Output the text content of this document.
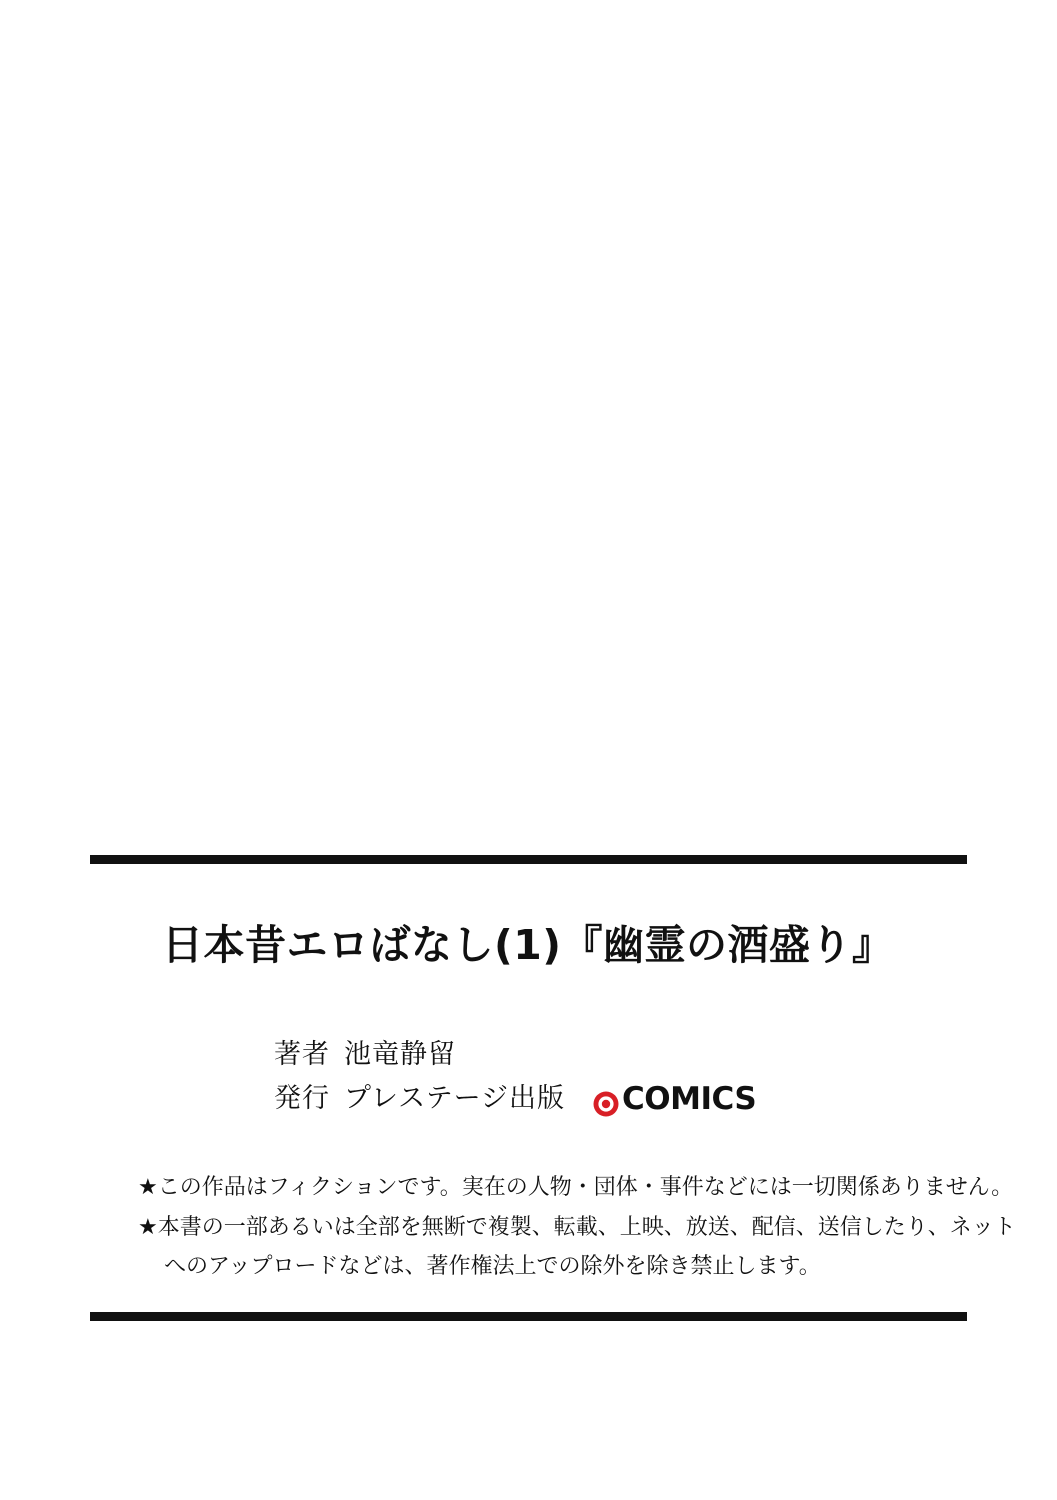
日本昔エロばなし(1)『幽霊の酒盛り』
著者 池竜静留
発行 プレステージ出版 COMICS
★この作品はフィクションです。実在の人物・団体・事件などには一切関係ありません。
★本書の一部あるいは全部を無断で複製、転載、上映、放送、配信、送信したり、ネット
へのアップロードなどは、著作権法上での除外を除き禁止します。
